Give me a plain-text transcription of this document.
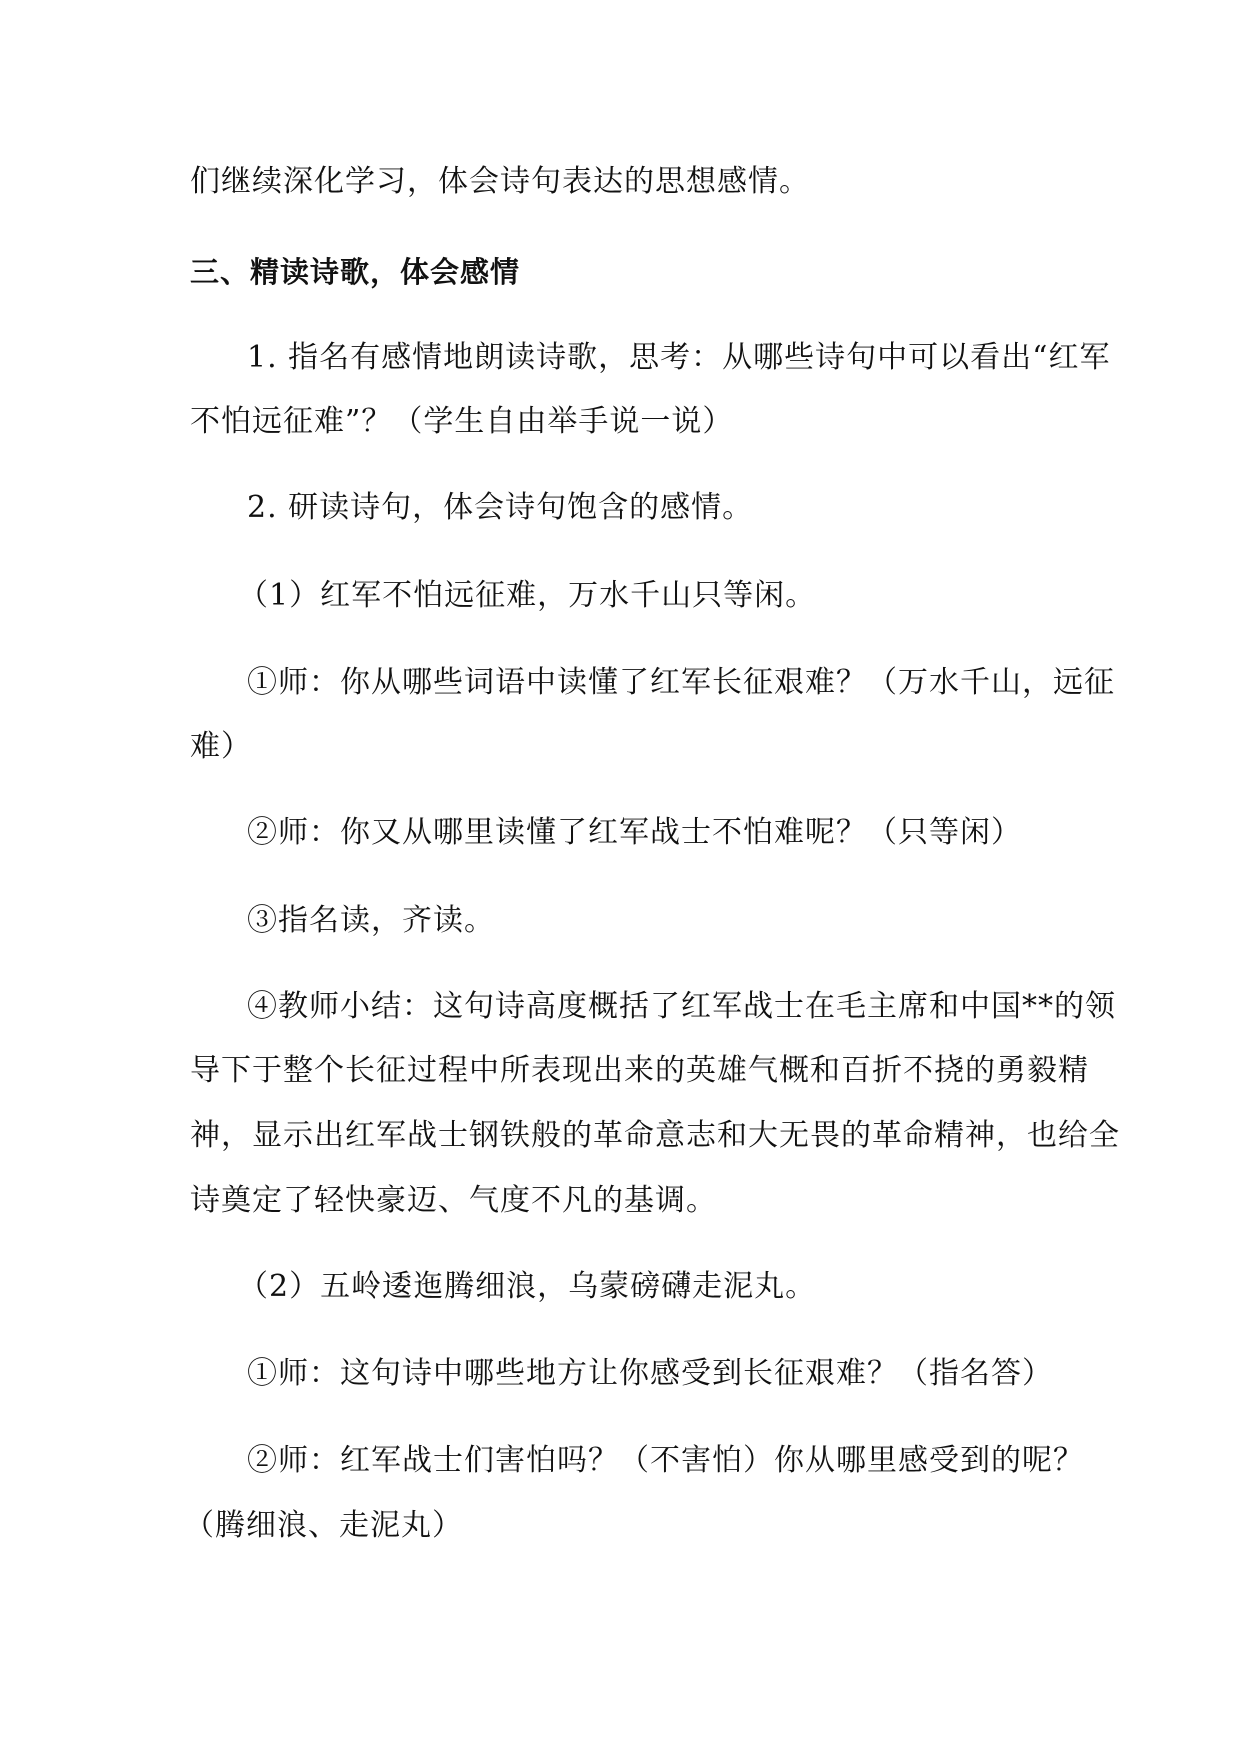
们继续深化学习，体会诗句表达的思想感情。
三、精读诗歌，体会感情
1. 指名有感情地朗读诗歌，思考：从哪些诗句中可以看出“红军
不怕远征难”？（学生自由举手说一说）
2. 研读诗句，体会诗句饱含的感情。
（1）红军不怕远征难，万水千山只等闲。
①师：你从哪些词语中读懂了红军长征艰难？（万水千山，远征
难）
②师：你又从哪里读懂了红军战士不怕难呢？（只等闲）
③指名读，齐读。
④教师小结：这句诗高度概括了红军战士在毛主席和中国**的领
导下于整个长征过程中所表现出来的英雄气概和百折不挠的勇毅精
神，显示出红军战士钢铁般的革命意志和大无畏的革命精神，也给全
诗奠定了轻快豪迈、气度不凡的基调。
（2）五岭逶迤腾细浪，乌蒙磅礴走泥丸。
①师：这句诗中哪些地方让你感受到长征艰难？（指名答）
②师：红军战士们害怕吗？（不害怕）你从哪里感受到的呢？
（腾细浪、走泥丸）
